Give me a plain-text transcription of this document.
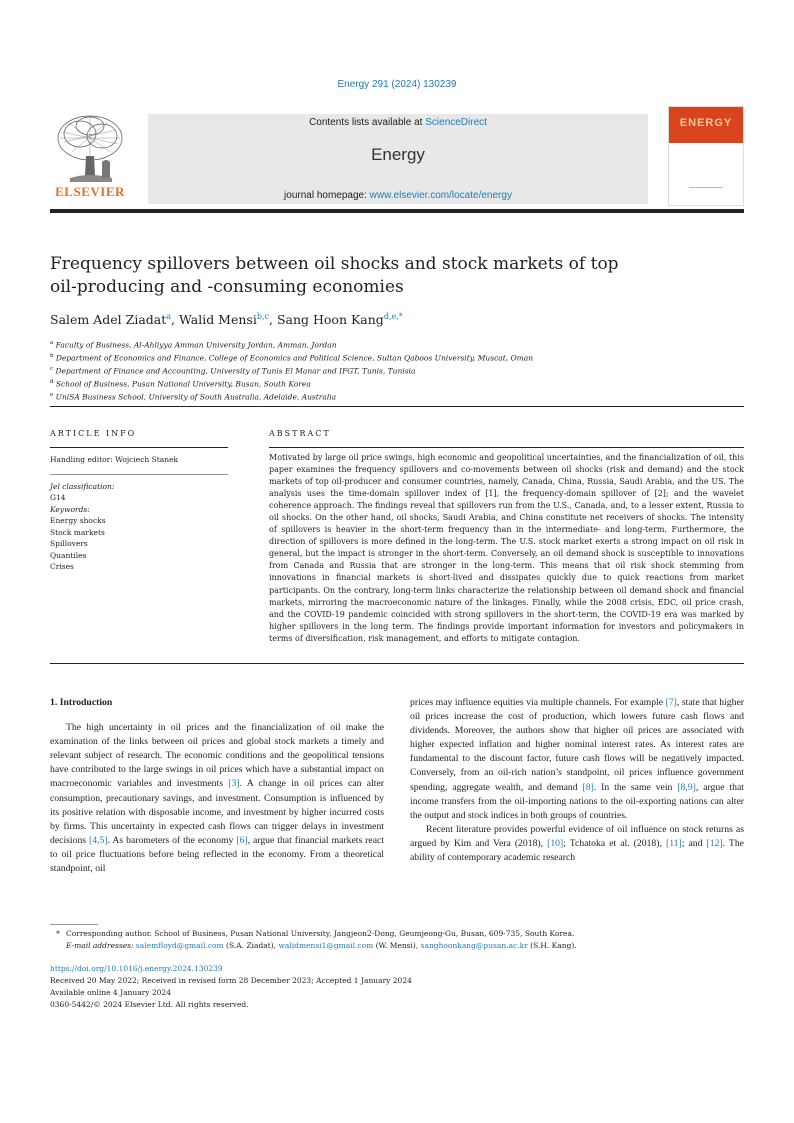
Energy 291 (2024) 130239
ELSEVIER
Contents lists available at ScienceDirect
Energy
journal homepage: www.elsevier.com/locate/energy
ENERGY
Frequency spillovers between oil shocks and stock markets of top
oil-producing and -consuming economies
Salem Adel Ziadat$^a$, Walid Mensi$^{b,c}$, Sang Hoon Kang$^{d,e,*}$
$^a$ Faculty of Business, Al-Ahliyya Amman University Jordan, Amman, Jordan
$^b$ Department of Economics and Finance, College of Economics and Political Science, Sultan Qaboos University, Muscat, Oman
$^c$ Department of Finance and Accounting, University of Tunis El Manar and IFGT, Tunis, Tunisia
$^d$ School of Business, Pusan National University, Busan, South Korea
$^e$ UniSA Business School, University of South Australia, Adelaide, Australia
ARTICLE INFO	ABSTRACT
Handling editor: Wojciech Stanek
Jel classification:
G14
Keywords:
Energy shocks
Stock markets
Spillovers
Quantiles
Crises
Motivated by large oil price swings, high economic and geopolitical uncertainties, and the financialization of oil, this paper examines the frequency spillovers and co-movements between oil shocks (risk and demand) and the stock markets of top oil-producer and consumer countries, namely, Canada, China, Russia, Saudi Arabia, and the US. The analysis uses the time-domain spillover index of [1], the frequency-domain spillover of [2]; and the wavelet coherence approach. The findings reveal that spillovers run from the U.S., Canada, and, to a lesser extent, Russia to oil shocks. On the other hand, oil shocks, Saudi Arabia, and China constitute net receivers of shocks. The intensity of spillovers is heavier in the short-term frequency than in the intermediate- and long-term. Furthermore, the direction of spillovers is more defined in the long-term. The U.S. stock market exerts a strong impact on oil risk in general, but the impact is stronger in the short-term. Conversely, an oil demand shock is susceptible to innovations from Canada and Russia that are stronger in the long-term. This means that oil risk shock stemming from innovations in financial markets is short-lived and dissipates quickly due to quick reactions from market participants. On the contrary, long-term links characterize the relationship between oil demand shock and financial markets, mirroring the macroeconomic nature of the linkages. Finally, while the 2008 crisis, EDC, oil price crash, and the COVID-19 pandemic coincided with strong spillovers in the short-term, the COVID-19 era was marked by higher spillovers in the long term. The findings provide important information for investors and policymakers in terms of diversification, risk management, and efforts to mitigate contagion.
1. Introduction
The high uncertainty in oil prices and the financialization of oil make the examination of the links between oil prices and global stock markets a timely and relevant subject of research. The economic conditions and the geopolitical tensions have contributed to the large swings in oil prices which have a substantial impact on macroeconomic variables and investments [3]. A change in oil prices can alter consumption, precautionary savings, and investment. Consumption is influenced by its positive relation with disposable income, and investment by higher incurred costs by firms. This uncertainty in expected cash flows can trigger delays in investment decisions [4,5]. As barometers of the economy [6], argue that financial markets react to oil price fluctuations before being reflected in the economy. From a theoretical standpoint, oil
prices may influence equities via multiple channels. For example [7], state that higher oil prices increase the cost of production, which lowers future cash flows and dividends. Moreover, the authors show that higher oil prices are associated with higher expected inflation and higher nominal interest rates. As interest rates are fundamental to the discount factor, future cash flows will be negatively impacted. Conversely, from an oil-rich nation’s standpoint, oil prices influence government spending, aggregate wealth, and demand [8]. In the same vein [8,9], argue that income transfers from the oil-importing nations to the oil-exporting nations can alter the output and stock indices in both groups of countries.
Recent literature provides powerful evidence of oil influence on stock returns as argued by Kim and Vera (2018), [10]; Tchatoka et al. (2018), [11]; and [12]. The ability of contemporary academic research
* Corresponding author. School of Business, Pusan National University, Jangjeon2-Dong, Geumjeong-Gu, Busan, 609-735, South Korea.
E-mail addresses: salemfloyd@gmail.com (S.A. Ziadat), walidmensi1@gmail.com (W. Mensi), sanghoonkang@pusan.ac.kr (S.H. Kang).
https://doi.org/10.1016/j.energy.2024.130239
Received 20 May 2022; Received in revised form 28 December 2023; Accepted 1 January 2024
Available online 4 January 2024
0360-5442/© 2024 Elsevier Ltd. All rights reserved.
